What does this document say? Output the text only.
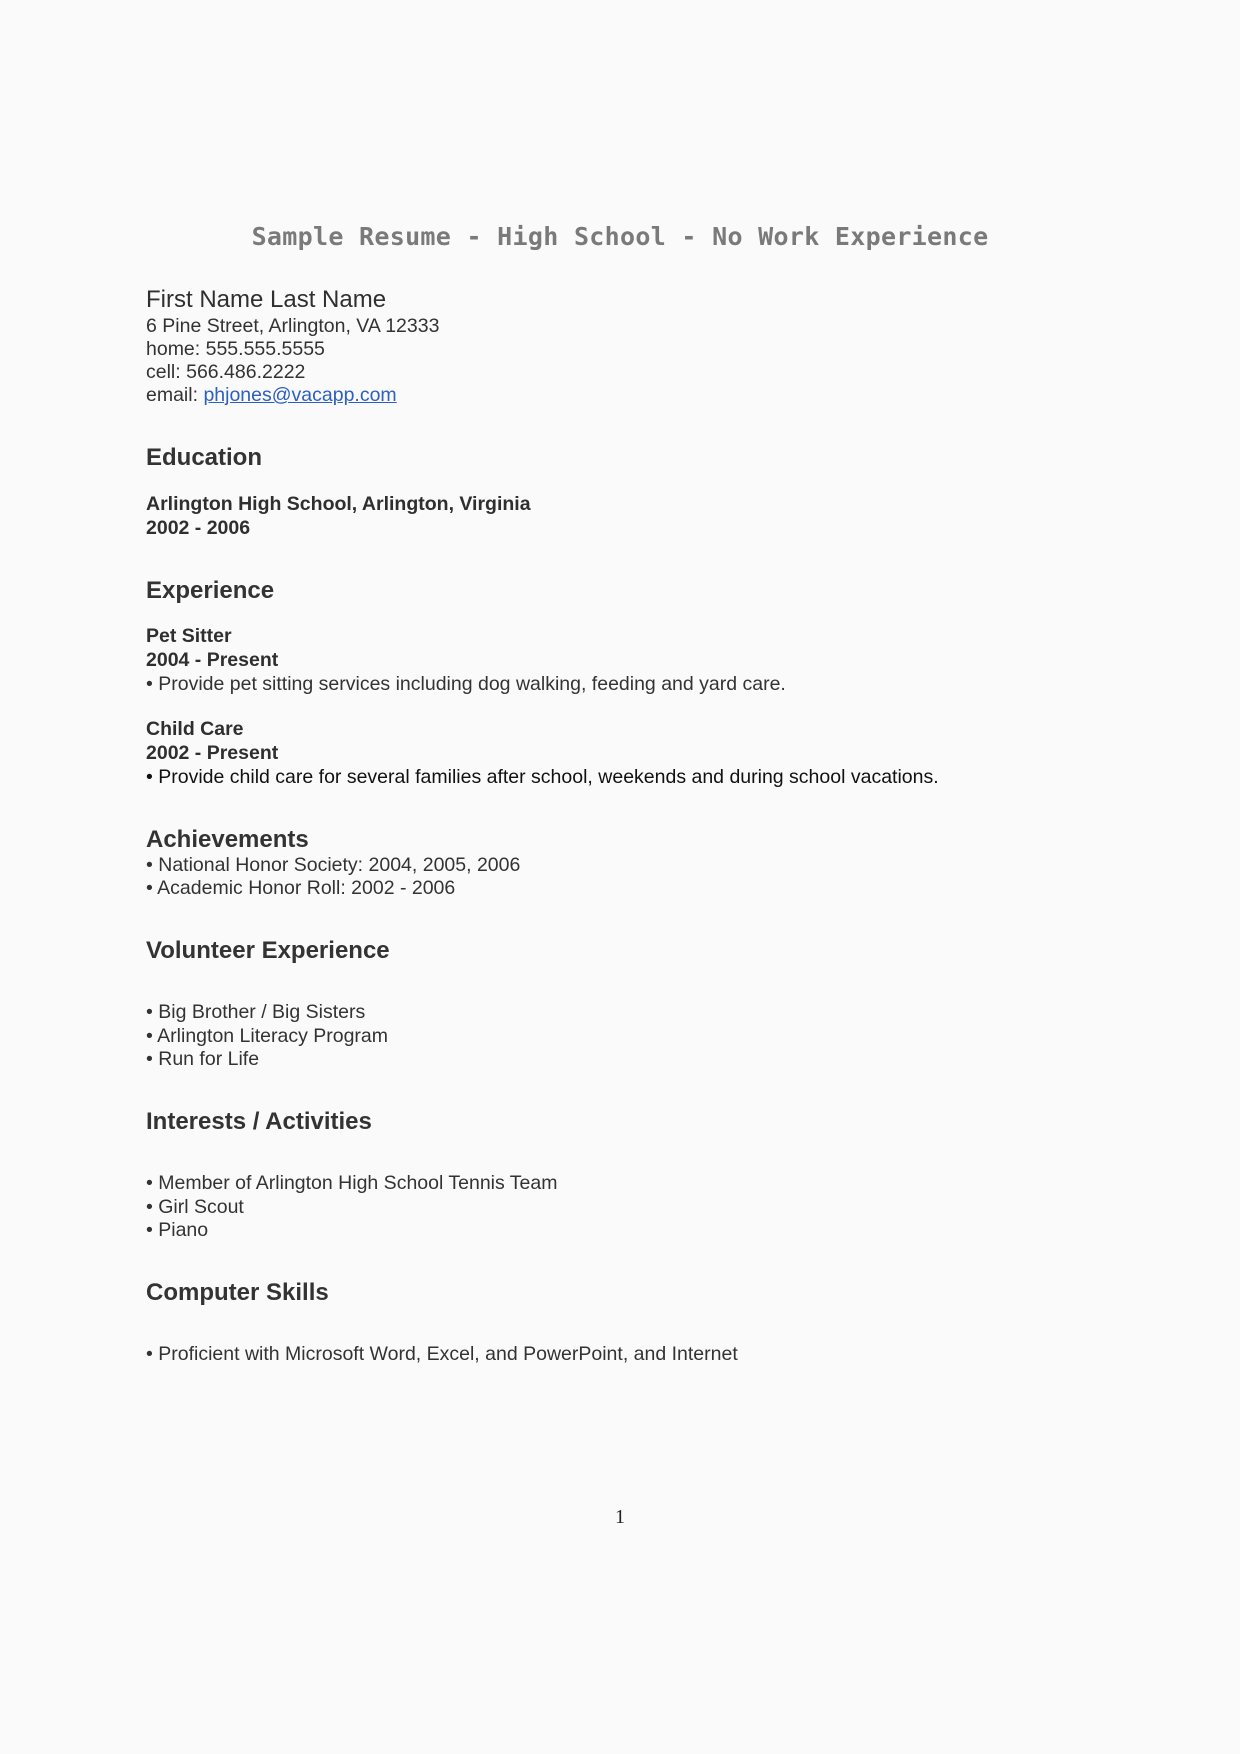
Sample Resume - High School - No Work Experience
First Name Last Name
6 Pine Street, Arlington, VA 12333
home: 555.555.5555
cell: 566.486.2222
email: phjones@vacapp.com
Education
Arlington High School, Arlington, Virginia
2002 - 2006
Experience
Pet Sitter
2004 - Present
• Provide pet sitting services including dog walking, feeding and yard care.
Child Care
2002 - Present
• Provide child care for several families after school, weekends and during school vacations.
Achievements
• National Honor Society: 2004, 2005, 2006
• Academic Honor Roll: 2002 - 2006
Volunteer Experience
• Big Brother / Big Sisters
• Arlington Literacy Program
• Run for Life
Interests / Activities
• Member of Arlington High School Tennis Team
• Girl Scout
• Piano
Computer Skills
• Proficient with Microsoft Word, Excel, and PowerPoint, and Internet
1
